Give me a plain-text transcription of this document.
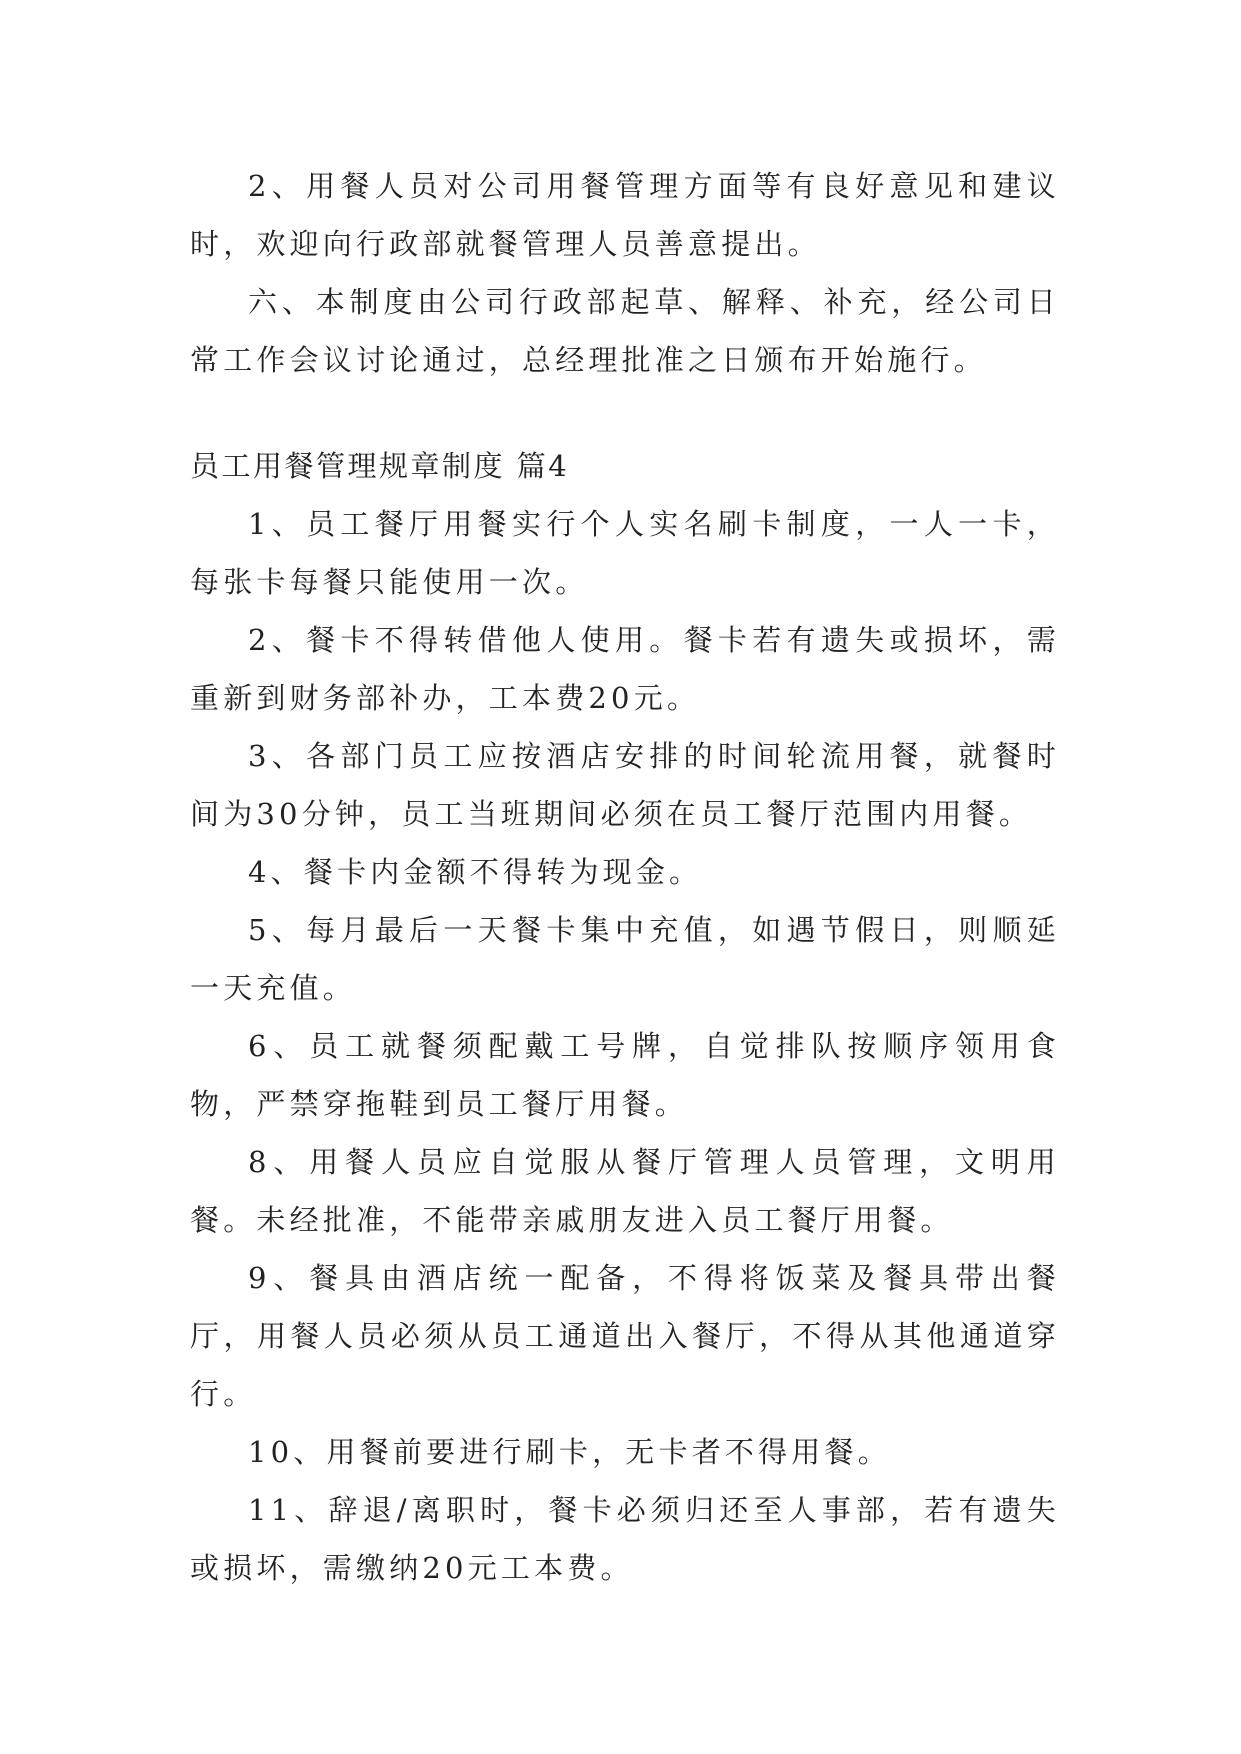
2、用餐人员对公司用餐管理方面等有良好意见和建议时，欢迎向行政部就餐管理人员善意提出。

六、本制度由公司行政部起草、解释、补充，经公司日常工作会议讨论通过，总经理批准之日颁布开始施行。

员工用餐管理规章制度 篇4

1、员工餐厅用餐实行个人实名刷卡制度，一人一卡，每张卡每餐只能使用一次。

2、餐卡不得转借他人使用。餐卡若有遗失或损坏，需重新到财务部补办，工本费20元。

3、各部门员工应按酒店安排的时间轮流用餐，就餐时间为30分钟，员工当班期间必须在员工餐厅范围内用餐。

4、餐卡内金额不得转为现金。

5、每月最后一天餐卡集中充值，如遇节假日，则顺延一天充值。

6、员工就餐须配戴工号牌，自觉排队按顺序领用食物，严禁穿拖鞋到员工餐厅用餐。

8、用餐人员应自觉服从餐厅管理人员管理，文明用餐。未经批准，不能带亲戚朋友进入员工餐厅用餐。

9、餐具由酒店统一配备，不得将饭菜及餐具带出餐厅，用餐人员必须从员工通道出入餐厅，不得从其他通道穿行。

10、用餐前要进行刷卡，无卡者不得用餐。

11、辞退/离职时，餐卡必须归还至人事部，若有遗失或损坏，需缴纳20元工本费。
